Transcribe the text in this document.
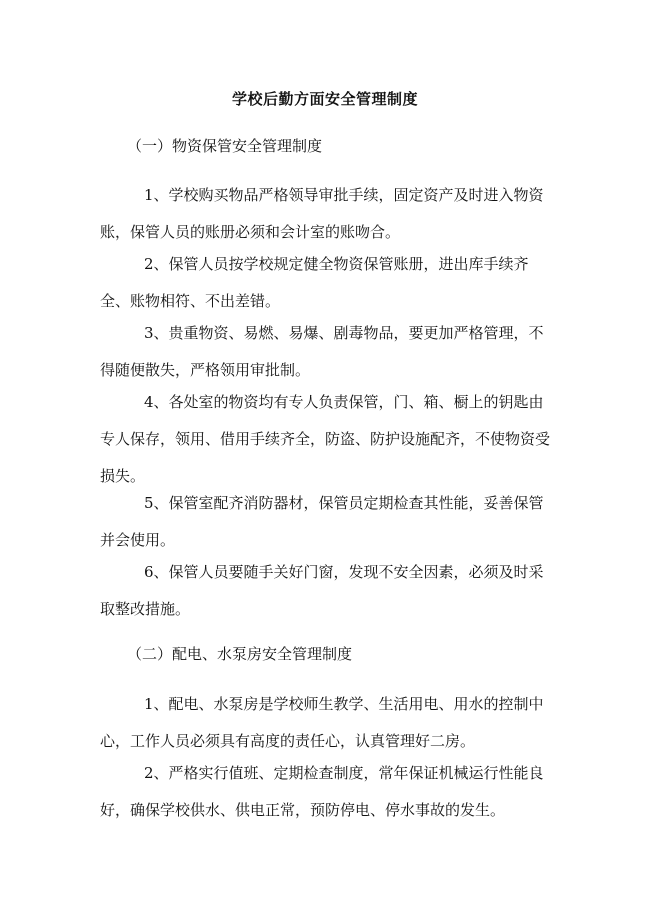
学校后勤方面安全管理制度
（一）物资保管安全管理制度

1、学校购买物品严格领导审批手续，固定资产及时进入物资账，保管人员的账册必须和会计室的账吻合。

2、保管人员按学校规定健全物资保管账册，进出库手续齐全、账物相符、不出差错。

3、贵重物资、易燃、易爆、剧毒物品，要更加严格管理，不得随便散失，严格领用审批制。

4、各处室的物资均有专人负责保管，门、箱、橱上的钥匙由专人保存，领用、借用手续齐全，防盗、防护设施配齐，不使物资受损失。

5、保管室配齐消防器材，保管员定期检查其性能，妥善保管并会使用。

6、保管人员要随手关好门窗，发现不安全因素，必须及时采取整改措施。

（二）配电、水泵房安全管理制度

1、配电、水泵房是学校师生教学、生活用电、用水的控制中心，工作人员必须具有高度的责任心，认真管理好二房。

2、严格实行值班、定期检查制度，常年保证机械运行性能良好，确保学校供水、供电正常，预防停电、停水事故的发生。
